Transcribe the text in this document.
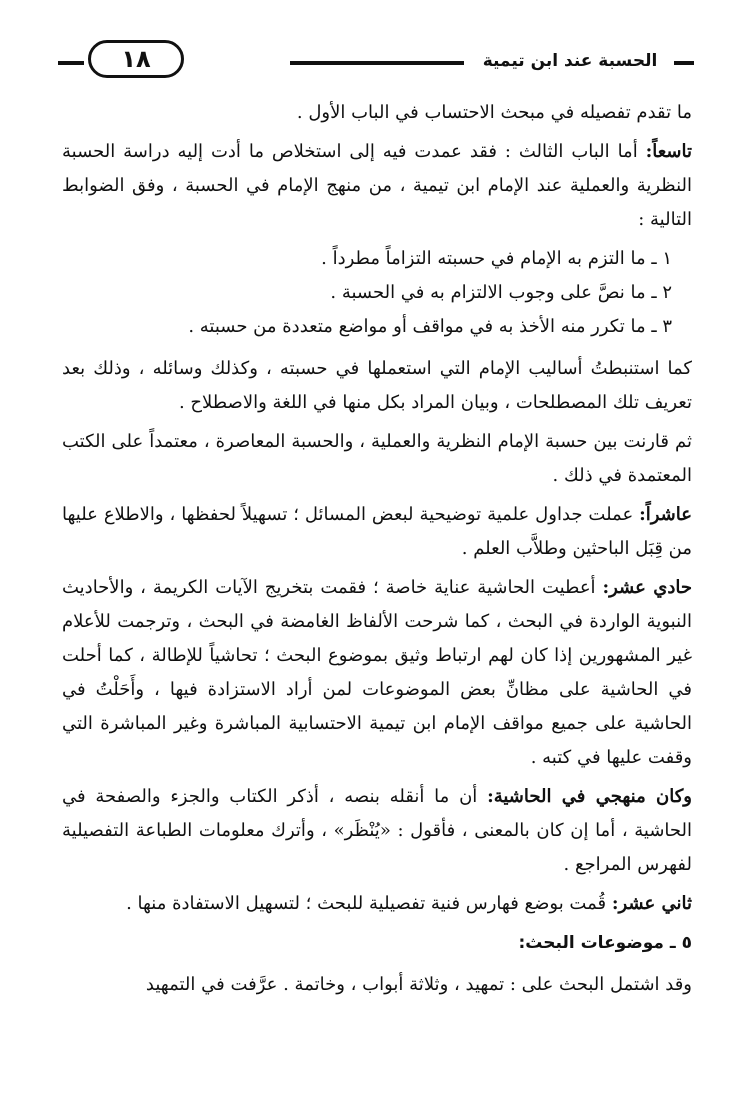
الحسبة عند ابن تيمية
١٨

ما تقدم تفصيله في مبحث الاحتساب في الباب الأول .

تاسعاً: أما الباب الثالث : فقد عمدت فيه إلى استخلاص ما أدت إليه دراسة الحسبة النظرية والعملية عند الإمام ابن تيمية ، من منهج الإمام في الحسبة ، وفق الضوابط التالية :

١ ـ ما التزم به الإمام في حسبته التزاماً مطرداً .

٢ ـ ما نصَّ على وجوب الالتزام به في الحسبة .

٣ ـ ما تكرر منه الأخذ به في مواقف أو مواضع متعددة من حسبته .

كما استنبطتُ أساليب الإمام التي استعملها في حسبته ، وكذلك وسائله ، وذلك بعد تعريف تلك المصطلحات ، وبيان المراد بكل منها في اللغة والاصطلاح .

ثم قارنت بين حسبة الإمام النظرية والعملية ، والحسبة المعاصرة ، معتمداً على الكتب المعتمدة في ذلك .

عاشراً: عملت جداول علمية توضيحية لبعض المسائل ؛ تسهيلاً لحفظها ، والاطلاع عليها من قِبَل الباحثين وطلاَّب العلم .

حادي عشر: أعطيت الحاشية عناية خاصة ؛ فقمت بتخريج الآيات الكريمة ، والأحاديث النبوية الواردة في البحث ، كما شرحت الألفاظ الغامضة في البحث ، وترجمت للأعلام غير المشهورين إذا كان لهم ارتباط وثيق بموضوع البحث ؛ تحاشياً للإطالة ، كما أحلت في الحاشية على مظانِّ بعض الموضوعات لمن أراد الاستزادة فيها ، وأَحَلْتُ في الحاشية على جميع مواقف الإمام ابن تيمية الاحتسابية المباشرة وغير المباشرة التي وقفت عليها في كتبه .

وكان منهجي في الحاشية: أن ما أنقله بنصه ، أذكر الكتاب والجزء والصفحة في الحاشية ، أما إن كان بالمعنى ، فأقول : «يُنْظَر» ، وأترك معلومات الطباعة التفصيلية لفهرس المراجع .

ثاني عشر: قُمت بوضع فهارس فنية تفصيلية للبحث ؛ لتسهيل الاستفادة منها .

٥ ـ موضوعات البحث:

وقد اشتمل البحث على : تمهيد ، وثلاثة أبواب ، وخاتمة . عرَّفت في التمهيد
